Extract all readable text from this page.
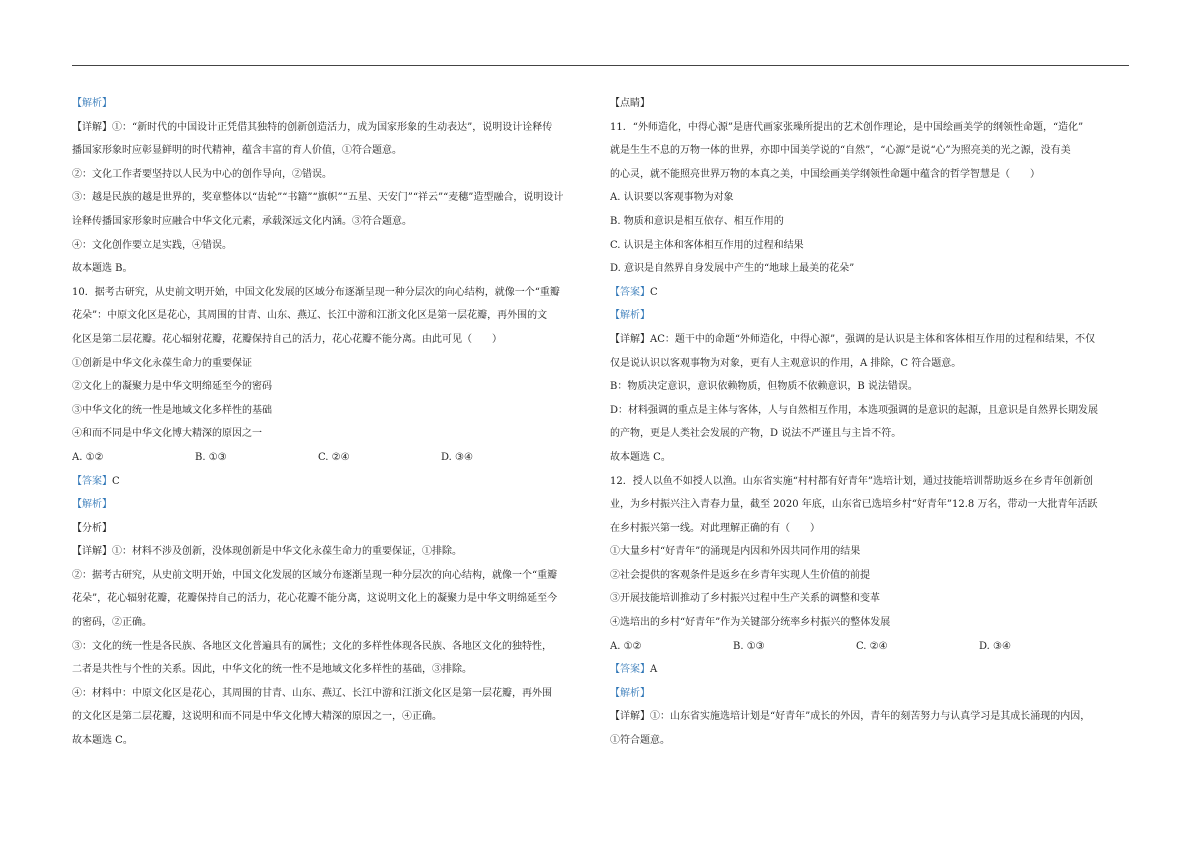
【解析】
【详解】①：“新时代的中国设计正凭借其独特的创新创造活力，成为国家形象的生动表达”，说明设计诠释传
播国家形象时应彰显鲜明的时代精神，蕴含丰富的育人价值，①符合题意。
②：文化工作者要坚持以人民为中心的创作导向，②错误。
③：越是民族的越是世界的，奖章整体以“齿轮”“书籍”“旗帜”“五星、天安门”“祥云”“麦穗”造型融合，说明设计
诠释传播国家形象时应融合中华文化元素，承载深远文化内涵。③符合题意。
④：文化创作要立足实践，④错误。
故本题选 B。
10．据考古研究，从史前文明开始，中国文化发展的区域分布逐渐呈现一种分层次的向心结构，就像一个“重瓣
花朵”：中原文化区是花心，其周围的甘青、山东、燕辽、长江中游和江浙文化区是第一层花瓣，再外围的文
化区是第二层花瓣。花心辐射花瓣，花瓣保持自己的活力，花心花瓣不能分离。由此可见（　　）
①创新是中华文化永葆生命力的重要保证
②文化上的凝聚力是中华文明绵延至今的密码
③中华文化的统一性是地域文化多样性的基础
④和而不同是中华文化博大精深的原因之一
A. ①②	B. ①③	C. ②④	D. ③④
【答案】C
【解析】
【分析】
【详解】①：材料不涉及创新，没体现创新是中华文化永葆生命力的重要保证，①排除。
②：据考古研究，从史前文明开始，中国文化发展的区域分布逐渐呈现一种分层次的向心结构，就像一个“重瓣
花朵”，花心辐射花瓣，花瓣保持自己的活力，花心花瓣不能分离，这说明文化上的凝聚力是中华文明绵延至今
的密码，②正确。
③：文化的统一性是各民族、各地区文化普遍具有的属性；文化的多样性体现各民族、各地区文化的独特性，
二者是共性与个性的关系。因此，中华文化的统一性不是地域文化多样性的基础，③排除。
④：材料中：中原文化区是花心，其周围的甘青、山东、燕辽、长江中游和江浙文化区是第一层花瓣，再外围
的文化区是第二层花瓣，这说明和而不同是中华文化博大精深的原因之一，④正确。
故本题选 C。
【点睛】
11．“外师造化，中得心源”是唐代画家张璪所提出的艺术创作理论，是中国绘画美学的纲领性命题，“造化”
就是生生不息的万物一体的世界，亦即中国美学说的“自然”，“心源”是说“心”为照亮美的光之源，没有美
的心灵，就不能照亮世界万物的本真之美，中国绘画美学纲领性命题中蕴含的哲学智慧是（　　）
A. 认识要以客观事物为对象
B. 物质和意识是相互依存、相互作用的
C. 认识是主体和客体相互作用的过程和结果
D. 意识是自然界自身发展中产生的“地球上最美的花朵”
【答案】C
【解析】
【详解】AC：题干中的命题“外师造化，中得心源”，强调的是认识是主体和客体相互作用的过程和结果，不仅
仅是说认识以客观事物为对象，更有人主观意识的作用，A 排除，C 符合题意。
B：物质决定意识，意识依赖物质，但物质不依赖意识，B 说法错误。
D：材料强调的重点是主体与客体，人与自然相互作用，本选项强调的是意识的起源，且意识是自然界长期发展
的产物，更是人类社会发展的产物，D 说法不严谨且与主旨不符。
故本题选 C。
12．授人以鱼不如授人以渔。山东省实施“村村都有好青年”选培计划，通过技能培训帮助返乡在乡青年创新创
业，为乡村振兴注入青春力量，截至 2020 年底，山东省已选培乡村“好青年”12.8 万名，带动一大批青年活跃
在乡村振兴第一线。对此理解正确的有（　　）
①大量乡村“好青年”的涌现是内因和外因共同作用的结果
②社会提供的客观条件是返乡在乡青年实现人生价值的前提
③开展技能培训推动了乡村振兴过程中生产关系的调整和变革
④选培出的乡村“好青年”作为关键部分统率乡村振兴的整体发展
A. ①②	B. ①③	C. ②④	D. ③④
【答案】A
【解析】
【详解】①：山东省实施选培计划是“好青年”成长的外因，青年的刻苦努力与认真学习是其成长涌现的内因，
①符合题意。
